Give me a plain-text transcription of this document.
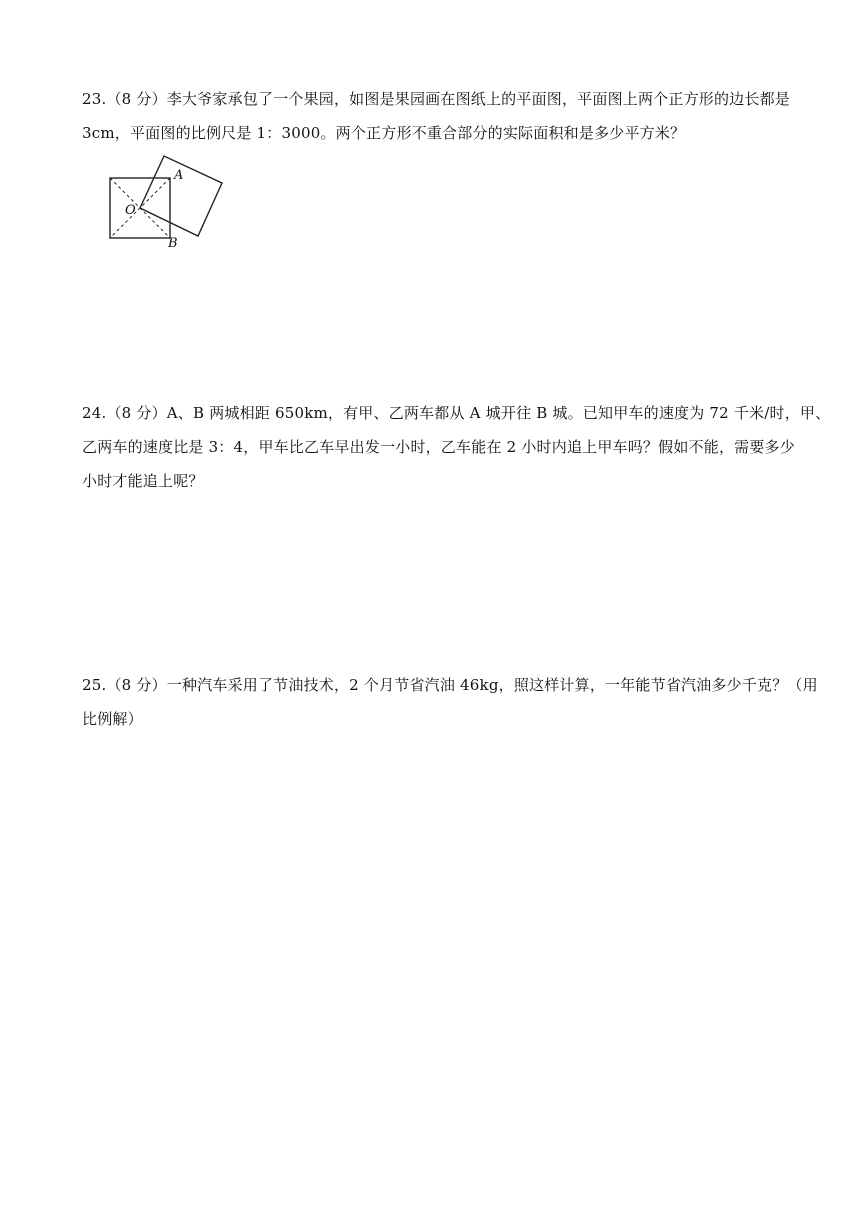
23.（8 分）李大爷家承包了一个果园，如图是果园画在图纸上的平面图，平面图上两个正方形的边长都是
3cm，平面图的比例尺是 1：3000。两个正方形不重合部分的实际面积和是多少平方米？
A
O
B
24.（8 分）A、B 两城相距 650km，有甲、乙两车都从 A 城开往 B 城。已知甲车的速度为 72 千米/时，甲、
乙两车的速度比是 3：4，甲车比乙车早出发一小时，乙车能在 2 小时内追上甲车吗？假如不能，需要多少
小时才能追上呢？
25.（8 分）一种汽车采用了节油技术，2 个月节省汽油 46kg，照这样计算，一年能节省汽油多少千克？（用
比例解）
